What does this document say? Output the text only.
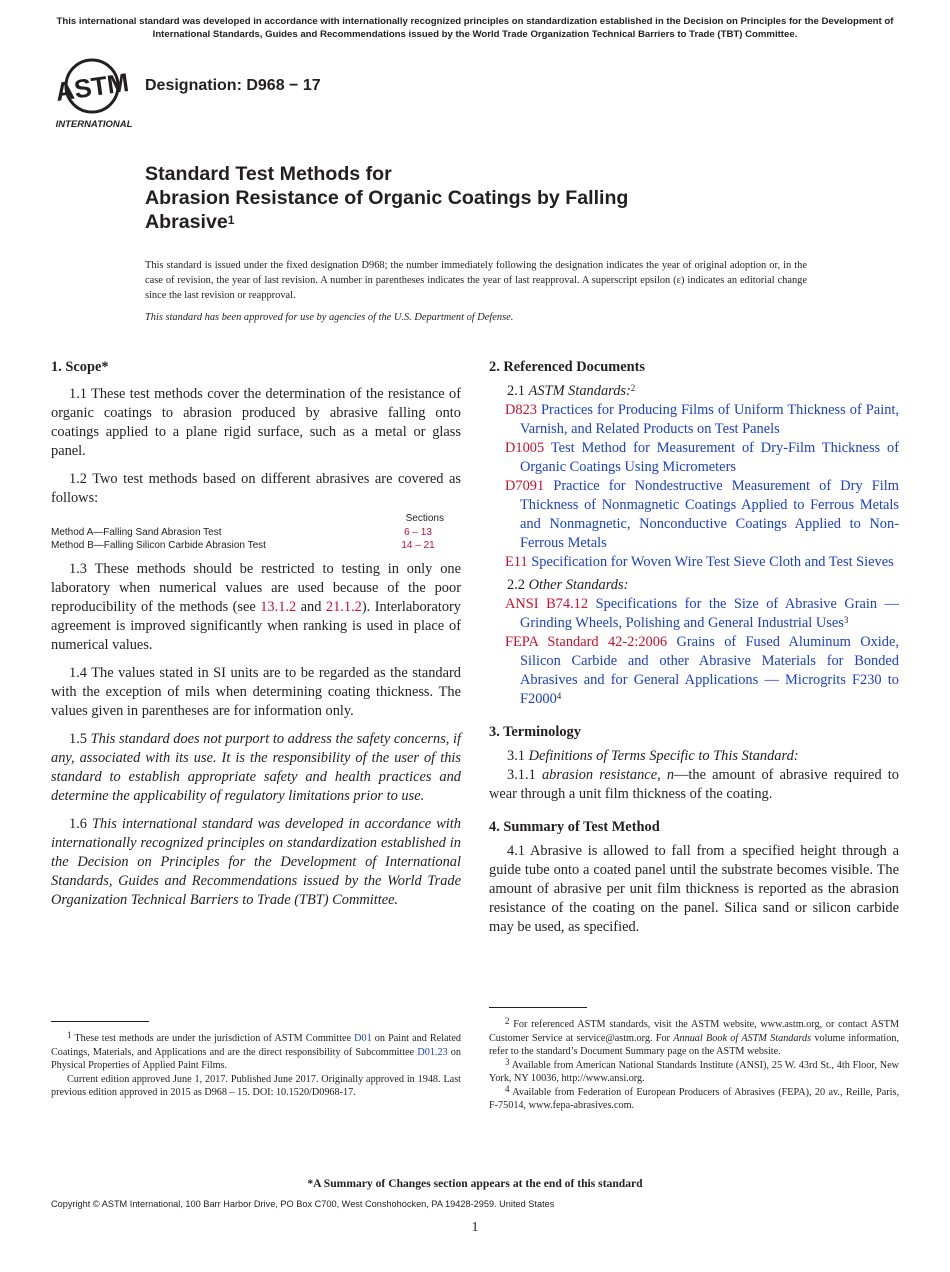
This international standard was developed in accordance with internationally recognized principles on standardization established in the Decision on Principles for the Development of International Standards, Guides and Recommendations issued by the World Trade Organization Technical Barriers to Trade (TBT) Committee.
ASTM
INTERNATIONAL
Designation: D968 − 17
Standard Test Methods for
Abrasion Resistance of Organic Coatings by Falling
Abrasive$^1$
This standard is issued under the fixed designation D968; the number immediately following the designation indicates the year of original adoption or, in the case of revision, the year of last revision. A number in parentheses indicates the year of last reapproval. A superscript epsilon (ε) indicates an editorial change since the last revision or reapproval.
This standard has been approved for use by agencies of the U.S. Department of Defense.

1. Scope*

1.1 These test methods cover the determination of the resistance of organic coatings to abrasion produced by abrasive falling onto coatings applied to a plane rigid surface, such as a metal or glass panel.

1.2 Two test methods based on different abrasives are covered as follows:

Sections
Method A—Falling Sand Abrasion Test	6 – 13
Method B—Falling Silicon Carbide Abrasion Test	14 – 21

1.3 These methods should be restricted to testing in only one laboratory when numerical values are used because of the poor reproducibility of the methods (see 13.1.2 and 21.1.2). Interlaboratory agreement is improved significantly when ranking is used in place of numerical values.

1.4 The values stated in SI units are to be regarded as the standard with the exception of mils when determining coating thickness. The values given in parentheses are for information only.

1.5 This standard does not purport to address the safety concerns, if any, associated with its use. It is the responsibility of the user of this standard to establish appropriate safety and health practices and determine the applicability of regulatory limitations prior to use.

1.6 This international standard was developed in accordance with internationally recognized principles on standardization established in the Decision on Principles for the Development of International Standards, Guides and Recommendations issued by the World Trade Organization Technical Barriers to Trade (TBT) Committee.

2. Referenced Documents

2.1 ASTM Standards:$^2$

D823 Practices for Producing Films of Uniform Thickness of Paint, Varnish, and Related Products on Test Panels

D1005 Test Method for Measurement of Dry-Film Thickness of Organic Coatings Using Micrometers

D7091 Practice for Nondestructive Measurement of Dry Film Thickness of Nonmagnetic Coatings Applied to Ferrous Metals and Nonmagnetic, Nonconductive Coatings Applied to Non-Ferrous Metals

E11 Specification for Woven Wire Test Sieve Cloth and Test Sieves

2.2 Other Standards:

ANSI B74.12 Specifications for the Size of Abrasive Grain — Grinding Wheels, Polishing and General Industrial Uses$^3$

FEPA Standard 42-2:2006 Grains of Fused Aluminum Oxide, Silicon Carbide and other Abrasive Materials for Bonded Abrasives and for General Applications — Microgrits F230 to F2000$^4$

3. Terminology

3.1 Definitions of Terms Specific to This Standard:

3.1.1 abrasion resistance, n—the amount of abrasive required to wear through a unit film thickness of the coating.

4. Summary of Test Method

4.1 Abrasive is allowed to fall from a specified height through a guide tube onto a coated panel until the substrate becomes visible. The amount of abrasive per unit film thickness is reported as the abrasion resistance of the coating on the panel. Silica sand or silicon carbide may be used, as specified.

$^1$ These test methods are under the jurisdiction of ASTM Committee D01 on Paint and Related Coatings, Materials, and Applications and are the direct responsibility of Subcommittee D01.23 on Physical Properties of Applied Paint Films.

Current edition approved June 1, 2017. Published June 2017. Originally approved in 1948. Last previous edition approved in 2015 as D968 – 15. DOI: 10.1520/D0968-17.

$^2$ For referenced ASTM standards, visit the ASTM website, www.astm.org, or contact ASTM Customer Service at service@astm.org. For Annual Book of ASTM Standards volume information, refer to the standard’s Document Summary page on the ASTM website.

$^3$ Available from American National Standards Institute (ANSI), 25 W. 43rd St., 4th Floor, New York, NY 10036, http://www.ansi.org.

$^4$ Available from Federation of European Producers of Abrasives (FEPA), 20 av., Reille, Paris, F-75014, www.fepa-abrasives.com.

*A Summary of Changes section appears at the end of this standard
Copyright © ASTM International, 100 Barr Harbor Drive, PO Box C700, West Conshohocken, PA 19428-2959. United States
1
